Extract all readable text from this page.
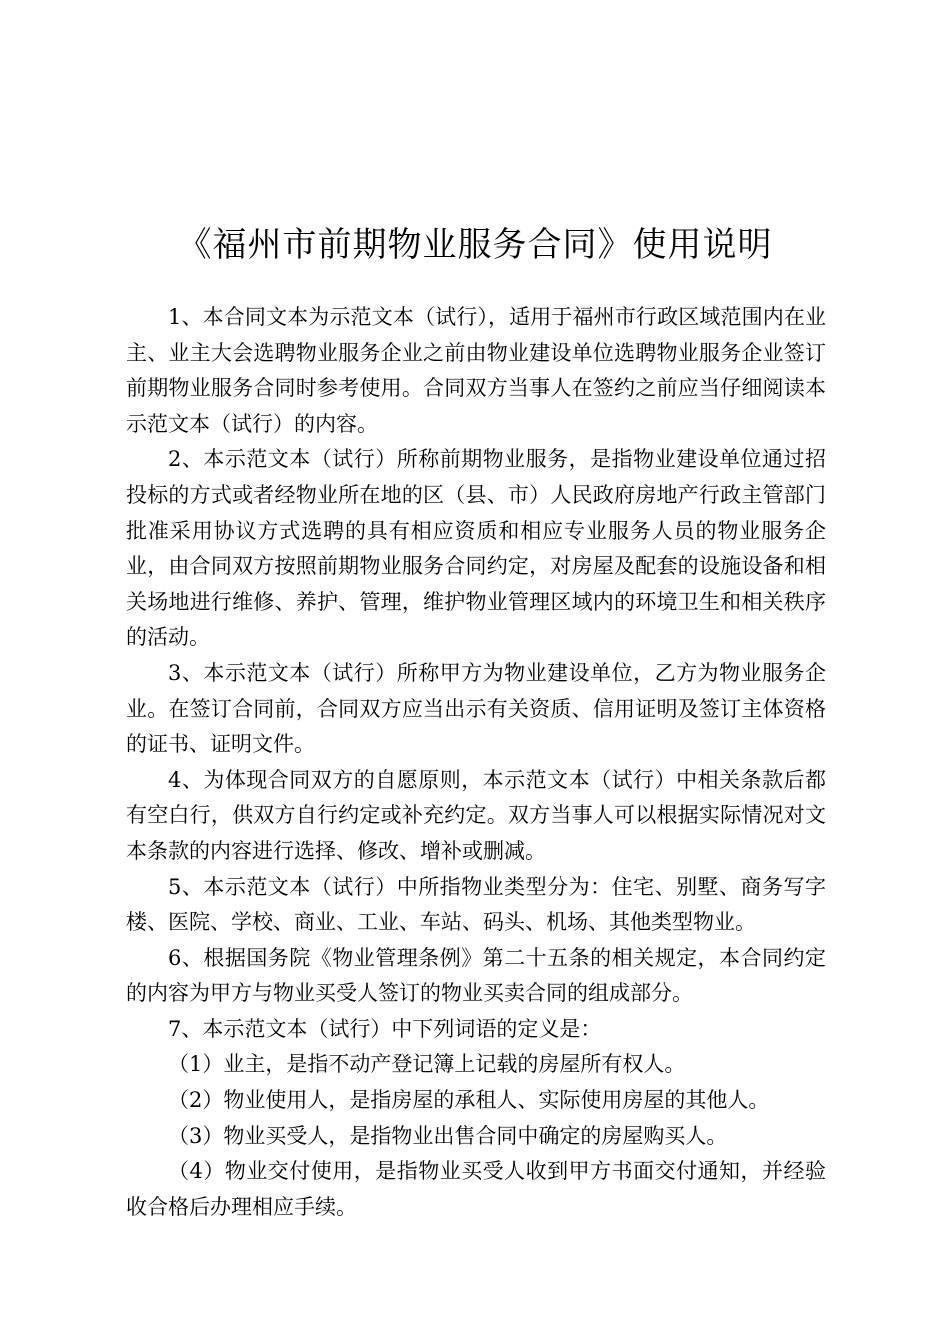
《福州市前期物业服务合同》使用说明

1、本合同文本为示范文本（试行），适用于福州市行政区域范围内在业主、业主大会选聘物业服务企业之前由物业建设单位选聘物业服务企业签订前期物业服务合同时参考使用。合同双方当事人在签约之前应当仔细阅读本示范文本（试行）的内容。

2、本示范文本（试行）所称前期物业服务，是指物业建设单位通过招投标的方式或者经物业所在地的区（县、市）人民政府房地产行政主管部门批准采用协议方式选聘的具有相应资质和相应专业服务人员的物业服务企业，由合同双方按照前期物业服务合同约定，对房屋及配套的设施设备和相关场地进行维修、养护、管理，维护物业管理区域内的环境卫生和相关秩序的活动。

3、本示范文本（试行）所称甲方为物业建设单位，乙方为物业服务企业。在签订合同前，合同双方应当出示有关资质、信用证明及签订主体资格的证书、证明文件。

4、为体现合同双方的自愿原则，本示范文本（试行）中相关条款后都有空白行，供双方自行约定或补充约定。双方当事人可以根据实际情况对文本条款的内容进行选择、修改、增补或删减。

5、本示范文本（试行）中所指物业类型分为：住宅、别墅、商务写字楼、医院、学校、商业、工业、车站、码头、机场、其他类型物业。

6、根据国务院《物业管理条例》第二十五条的相关规定，本合同约定的内容为甲方与物业买受人签订的物业买卖合同的组成部分。

7、本示范文本（试行）中下列词语的定义是：

（1）业主，是指不动产登记簿上记载的房屋所有权人。

（2）物业使用人，是指房屋的承租人、实际使用房屋的其他人。

（3）物业买受人，是指物业出售合同中确定的房屋购买人。

（4）物业交付使用，是指物业买受人收到甲方书面交付通知，并经验收合格后办理相应手续。
